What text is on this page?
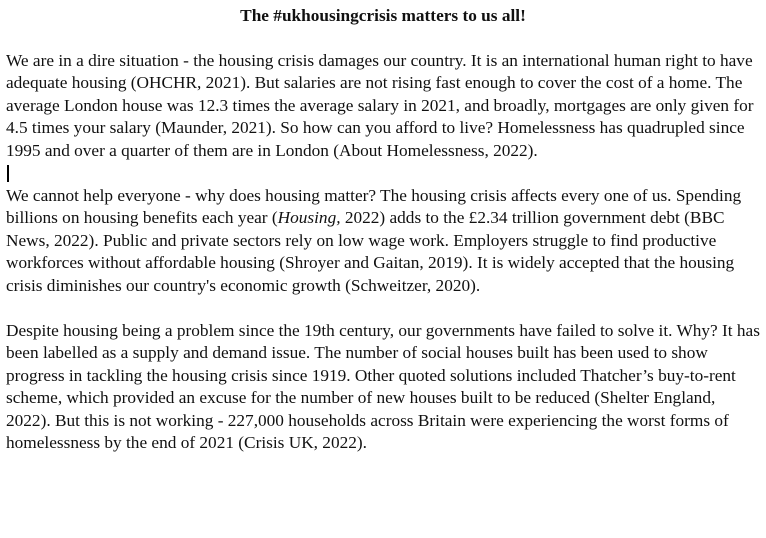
The #ukhousingcrisis matters to us all!

We are in a dire situation - the housing crisis damages our country. It is an international human right to have adequate housing (OHCHR, 2021). But salaries are not rising fast enough to cover the cost of a home. The average London house was 12.3 times the average salary in 2021, and broadly, mortgages are only given for 4.5 times your salary (Maunder, 2021). So how can you afford to live? Homelessness has quadrupled since 1995 and over a quarter of them are in London (About Homelessness, 2022).

We cannot help everyone - why does housing matter? The housing crisis affects every one of us. Spending billions on housing benefits each year (Housing, 2022) adds to the £2.34 trillion government debt (BBC News, 2022). Public and private sectors rely on low wage work. Employers struggle to find productive workforces without affordable housing (Shroyer and Gaitan, 2019). It is widely accepted that the housing crisis diminishes our country's economic growth (Schweitzer, 2020).

Despite housing being a problem since the 19th century, our governments have failed to solve it. Why? It has been labelled as a supply and demand issue. The number of social houses built has been used to show progress in tackling the housing crisis since 1919. Other quoted solutions included Thatcher’s buy-to-rent scheme, which provided an excuse for the number of new houses built to be reduced (Shelter England, 2022). But this is not working - 227,000 households across Britain were experiencing the worst forms of homelessness by the end of 2021 (Crisis UK, 2022).
